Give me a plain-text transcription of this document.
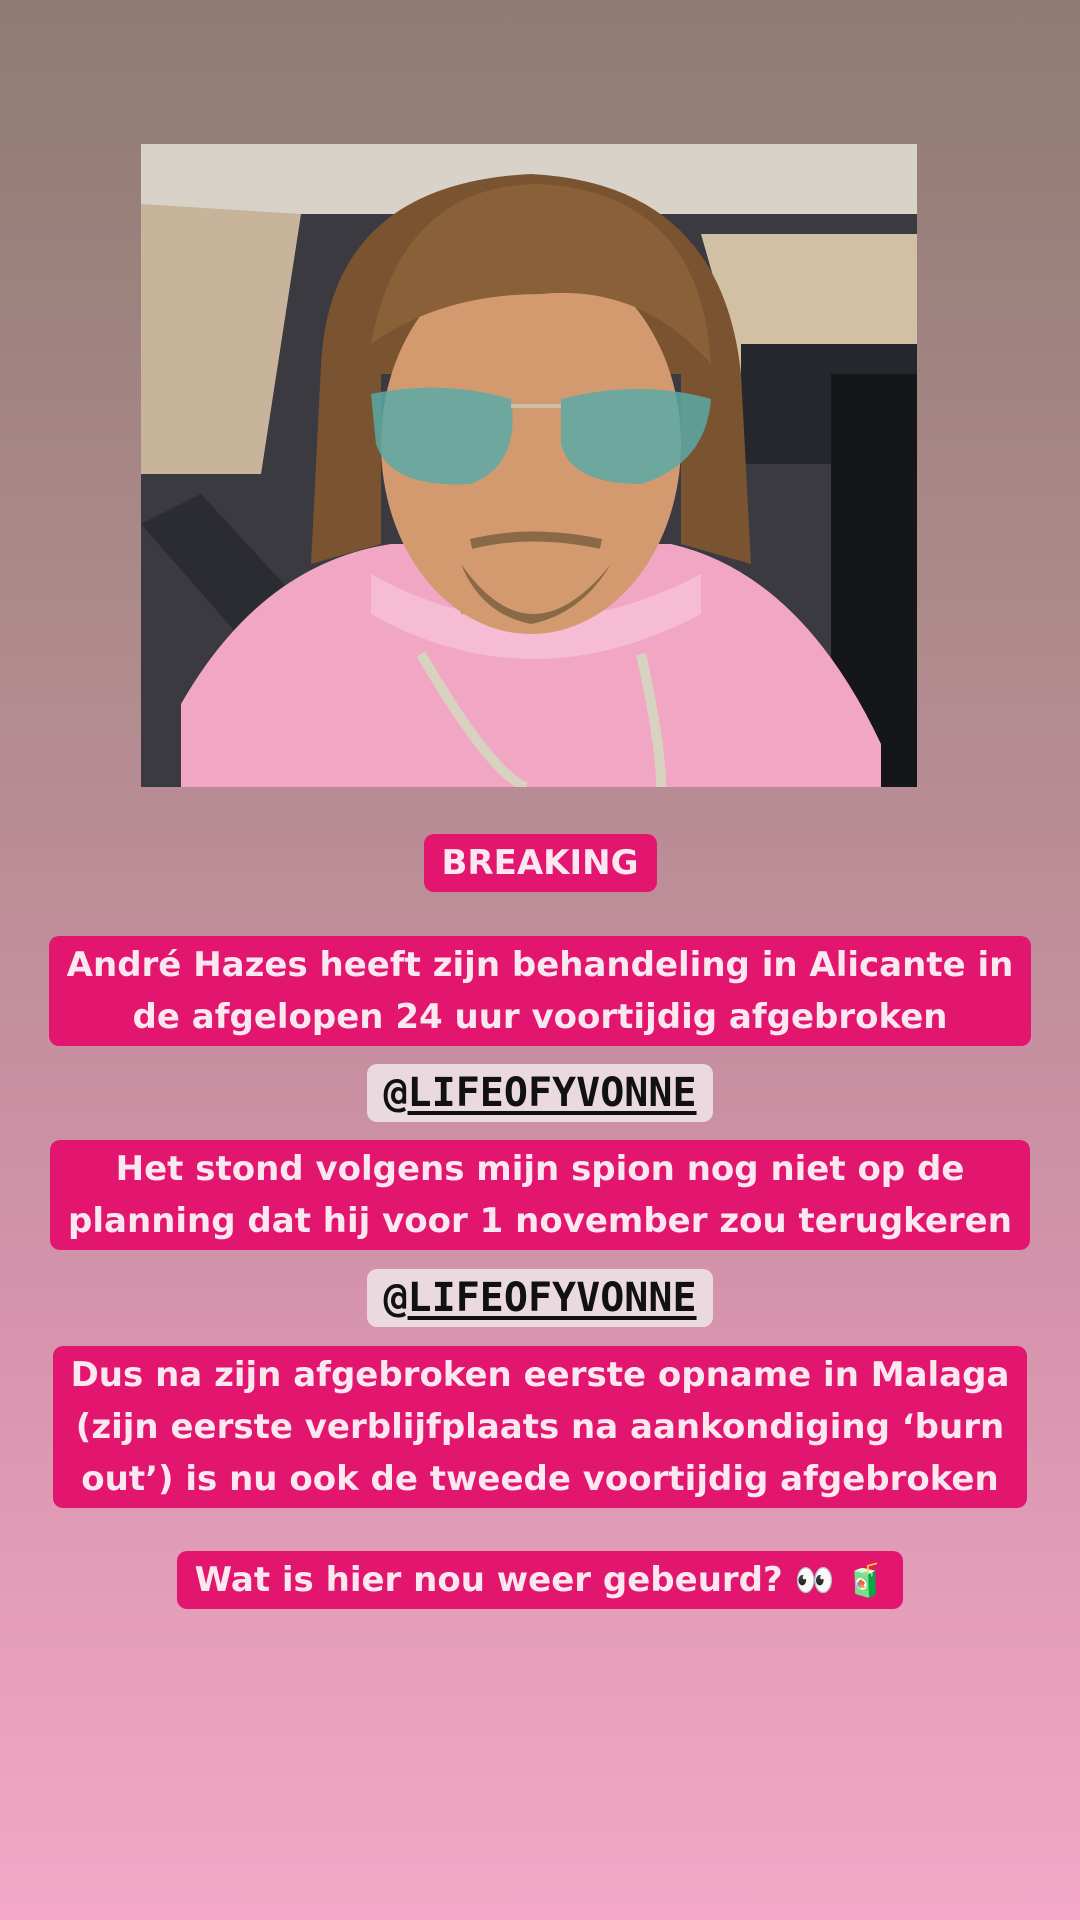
BREAKING
André Hazes heeft zijn behandeling in Alicante in
de afgelopen 24 uur voortijdig afgebroken
@LIFEOFYVONNE
Het stond volgens mijn spion nog niet op de
planning dat hij voor 1 november zou terugkeren
@LIFEOFYVONNE
Dus na zijn afgebroken eerste opname in Malaga
(zijn eerste verblijfplaats na aankondiging ‘burn
out’) is nu ook de tweede voortijdig afgebroken
Wat is hier nou weer gebeurd? 👀 🧃
